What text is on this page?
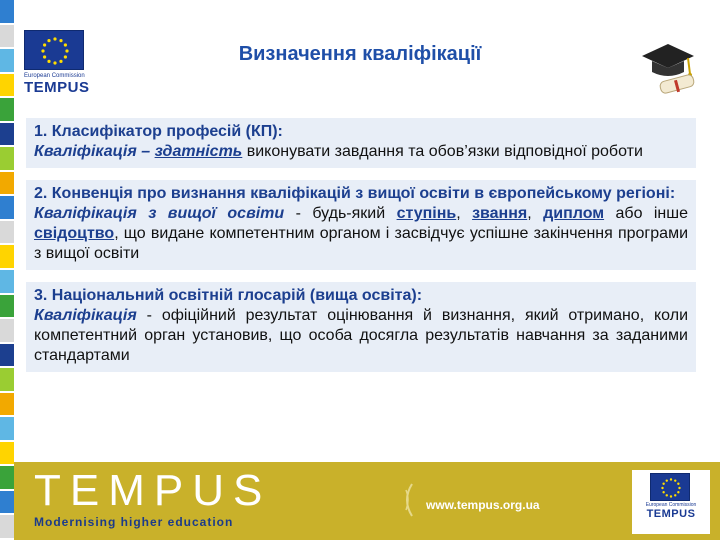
European Commission
TEMPUS
Визначення кваліфікації

1. Класифікатор професій (КП):

Кваліфікація – здатність виконувати завдання та обов’язки відповідної роботи

2. Конвенція про визнання кваліфікацій з вищої освіти в європейському регіоні:

Кваліфікація з вищої освіти - будь-який ступінь, звання, диплом або інше свідоцтво, що видане компетентним органом і засвідчує успішне закінчення програми з вищої освіти

3. Національний освітній глосарій (вища освіта):

Кваліфікація - офіційний результат оцінювання й визнання, який отримано, коли компетентний орган установив, що особа досягла результатів навчання за заданими стандартами

TEMPUS
Modernising higher education
www.tempus.org.ua	European Commission
TEMPUS
